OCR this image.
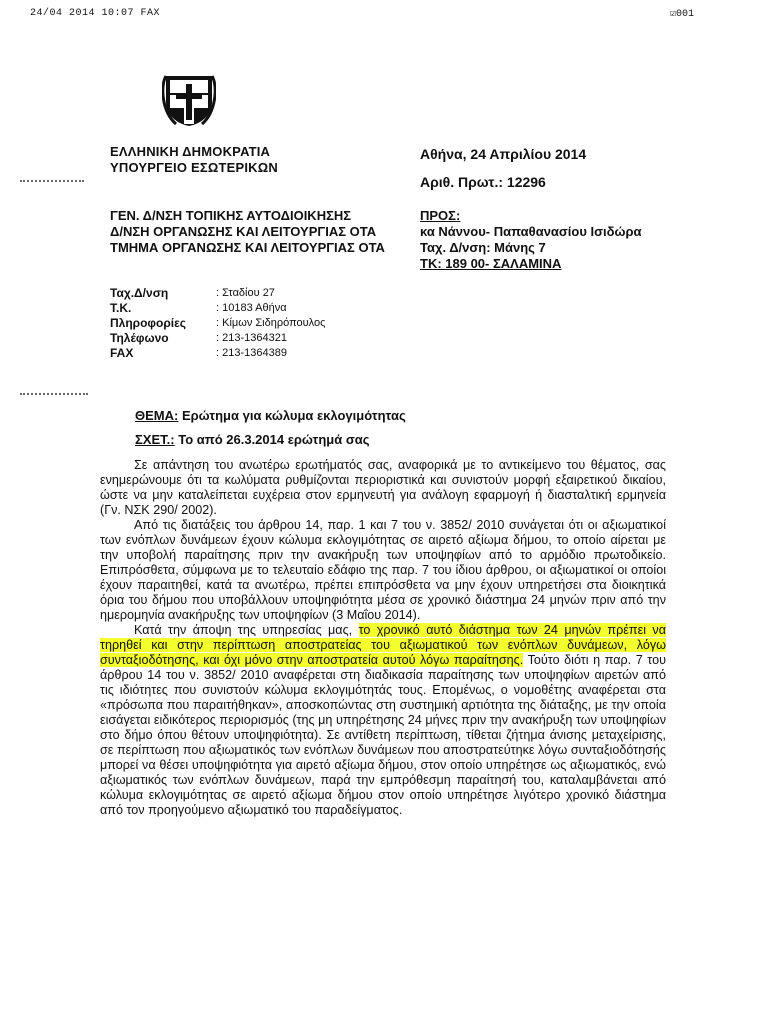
24/04 2014 10:07 FAX	☑001
ΕΛΛΗΝΙΚΗ ΔΗΜΟΚΡΑΤΙΑ
ΥΠΟΥΡΓΕΙΟ ΕΣΩΤΕΡΙΚΩΝ
Αθήνα, 24 Απριλίου 2014
Αριθ. Πρωτ.: 12296
ΓΕΝ. Δ/ΝΣΗ ΤΟΠΙΚΗΣ ΑΥΤΟΔΙΟΙΚΗΣΗΣ
Δ/ΝΣΗ ΟΡΓΑΝΩΣΗΣ ΚΑΙ ΛΕΙΤΟΥΡΓΙΑΣ ΟΤΑ
ΤΜΗΜΑ ΟΡΓΑΝΩΣΗΣ ΚΑΙ ΛΕΙΤΟΥΡΓΙΑΣ ΟΤΑ
ΠΡΟΣ:
κα Νάννου- Παπαθανασίου Ισιδώρα
Ταχ. Δ/νση: Μάνης 7
ΤΚ: 189 00- ΣΑΛΑΜΙΝΑ
Ταχ.Δ/νση	: Σταδίου 27
Τ.Κ.	: 10183 Αθήνα
Πληροφορίες	: Κίμων Σιδηρόπουλος
Τηλέφωνο	: 213-1364321
FAX	: 213-1364389
ΘΕΜΑ: Ερώτημα για κώλυμα εκλογιμότητας
ΣΧΕΤ.: Το από 26.3.2014 ερώτημά σας

Σε απάντηση του ανωτέρω ερωτήματός σας, αναφορικά με το αντικείμενο του θέματος, σας ενημερώνουμε ότι τα κωλύματα ρυθμίζονται περιοριστικά και συνιστούν μορφή εξαιρετικού δικαίου, ώστε να μην καταλείπεται ευχέρεια στον ερμηνευτή για ανάλογη εφαρμογή ή διασταλτική ερμηνεία (Γν. ΝΣΚ 290/ 2002).

Από τις διατάξεις του άρθρου 14, παρ. 1 και 7 του ν. 3852/ 2010 συνάγεται ότι οι αξιωματικοί των ενόπλων δυνάμεων έχουν κώλυμα εκλογιμότητας σε αιρετό αξίωμα δήμου, το οποίο αίρεται με την υποβολή παραίτησης πριν την ανακήρυξη των υποψηφίων από το αρμόδιο πρωτοδικείο. Επιπρόσθετα, σύμφωνα με το τελευταίο εδάφιο της παρ. 7 του ίδιου άρθρου, οι αξιωματικοί οι οποίοι έχουν παραιτηθεί, κατά τα ανωτέρω, πρέπει επιπρόσθετα να μην έχουν υπηρετήσει στα διοικητικά όρια του δήμου που υποβάλλουν υποψηφιότητα μέσα σε χρονικό διάστημα 24 μηνών πριν από την ημερομηνία ανακήρυξης των υποψηφίων (3 Μαΐου 2014).

Κατά την άποψη της υπηρεσίας μας, το χρονικό αυτό διάστημα των 24 μηνών πρέπει να τηρηθεί και στην περίπτωση αποστρατείας του αξιωματικού των ενόπλων δυνάμεων, λόγω συνταξιοδότησης, και όχι μόνο στην αποστρατεία αυτού λόγω παραίτησης. Τούτο διότι η παρ. 7 του άρθρου 14 του ν. 3852/ 2010 αναφέρεται στη διαδικασία παραίτησης των υποψηφίων αιρετών από τις ιδιότητες που συνιστούν κώλυμα εκλογιμότητάς τους. Επομένως, ο νομοθέτης αναφέρεται στα «πρόσωπα που παραιτήθηκαν», αποσκοπώντας στη συστημική αρτιότητα της διάταξης, με την οποία εισάγεται ειδικότερος περιορισμός (της μη υπηρέτησης 24 μήνες πριν την ανακήρυξη των υποψηφίων στο δήμο όπου θέτουν υποψηφιότητα). Σε αντίθετη περίπτωση, τίθεται ζήτημα άνισης μεταχείρισης, σε περίπτωση που αξιωματικός των ενόπλων δυνάμεων που αποστρατεύτηκε λόγω συνταξιοδότησής μπορεί να θέσει υποψηφιότητα για αιρετό αξίωμα δήμου, στον οποίο υπηρέτησε ως αξιωματικός, ενώ αξιωματικός των ενόπλων δυνάμεων, παρά την εμπρόθεσμη παραίτησή του, καταλαμβάνεται από κώλυμα εκλογιμότητας σε αιρετό αξίωμα δήμου στον οποίο υπηρέτησε λιγότερο χρονικό διάστημα από τον προηγούμενο αξιωματικό του παραδείγματος.
